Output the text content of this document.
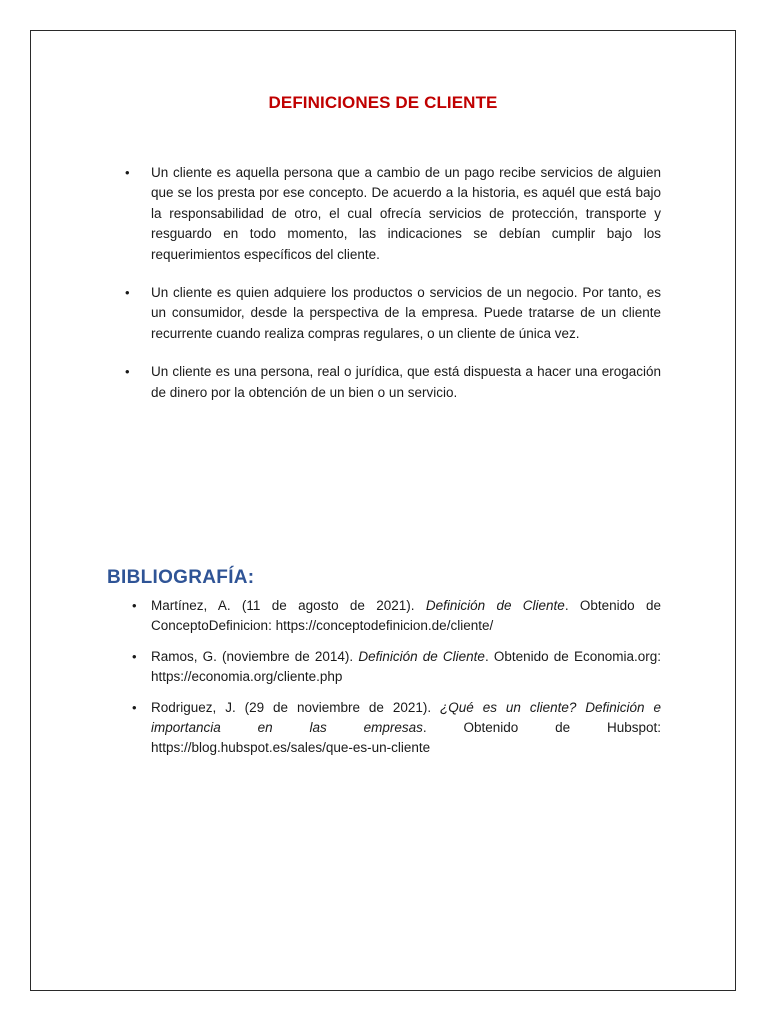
DEFINICIONES DE CLIENTE
• Un cliente es aquella persona que a cambio de un pago recibe servicios de alguien que se los presta por ese concepto. De acuerdo a la historia, es aquél que está bajo la responsabilidad de otro, el cual ofrecía servicios de protección, transporte y resguardo en todo momento, las indicaciones se debían cumplir bajo los requerimientos específicos del cliente.
• Un cliente es quien adquiere los productos o servicios de un negocio. Por tanto, es un consumidor, desde la perspectiva de la empresa. Puede tratarse de un cliente recurrente cuando realiza compras regulares, o un cliente de única vez.
• Un cliente es una persona, real o jurídica, que está dispuesta a hacer una erogación de dinero por la obtención de un bien o un servicio.
BIBLIOGRAFÍA:
• Martínez, A. (11 de agosto de 2021). Definición de Cliente. Obtenido de ConceptoDefinicion: https://conceptodefinicion.de/cliente/
• Ramos, G. (noviembre de 2014). Definición de Cliente. Obtenido de Economia.org: https://economia.org/cliente.php
• Rodriguez, J. (29 de noviembre de 2021). ¿Qué es un cliente? Definición e importancia en las empresas. Obtenido de Hubspot: https://blog.hubspot.es/sales/que-es-un-cliente
